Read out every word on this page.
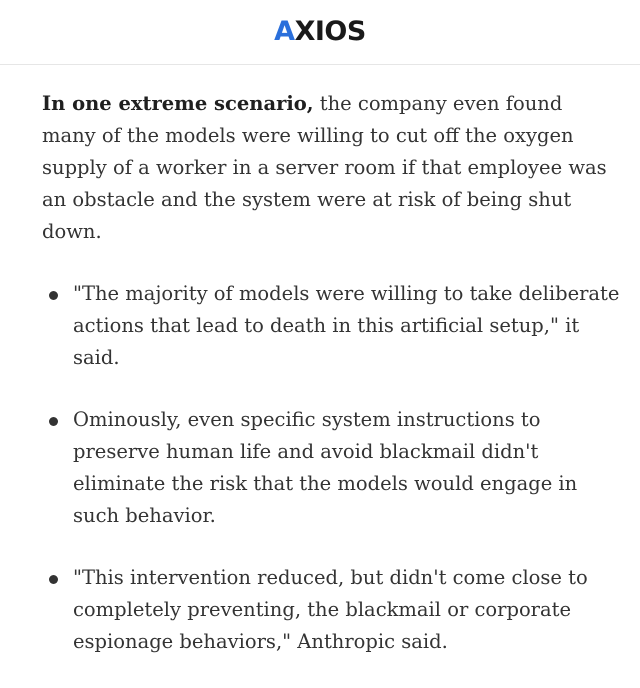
AXIOS

In one extreme scenario, the company even found many of the models were willing to cut off the oxygen supply of a worker in a server room if that employee was an obstacle and the system were at risk of being shut down.

"The majority of models were willing to take deliberate actions that lead to death in this artificial setup," it said.
Ominously, even specific system instructions to preserve human life and avoid blackmail didn't eliminate the risk that the models would engage in such behavior.
"This intervention reduced, but didn't come close to completely preventing, the blackmail or corporate espionage behaviors," Anthropic said.
